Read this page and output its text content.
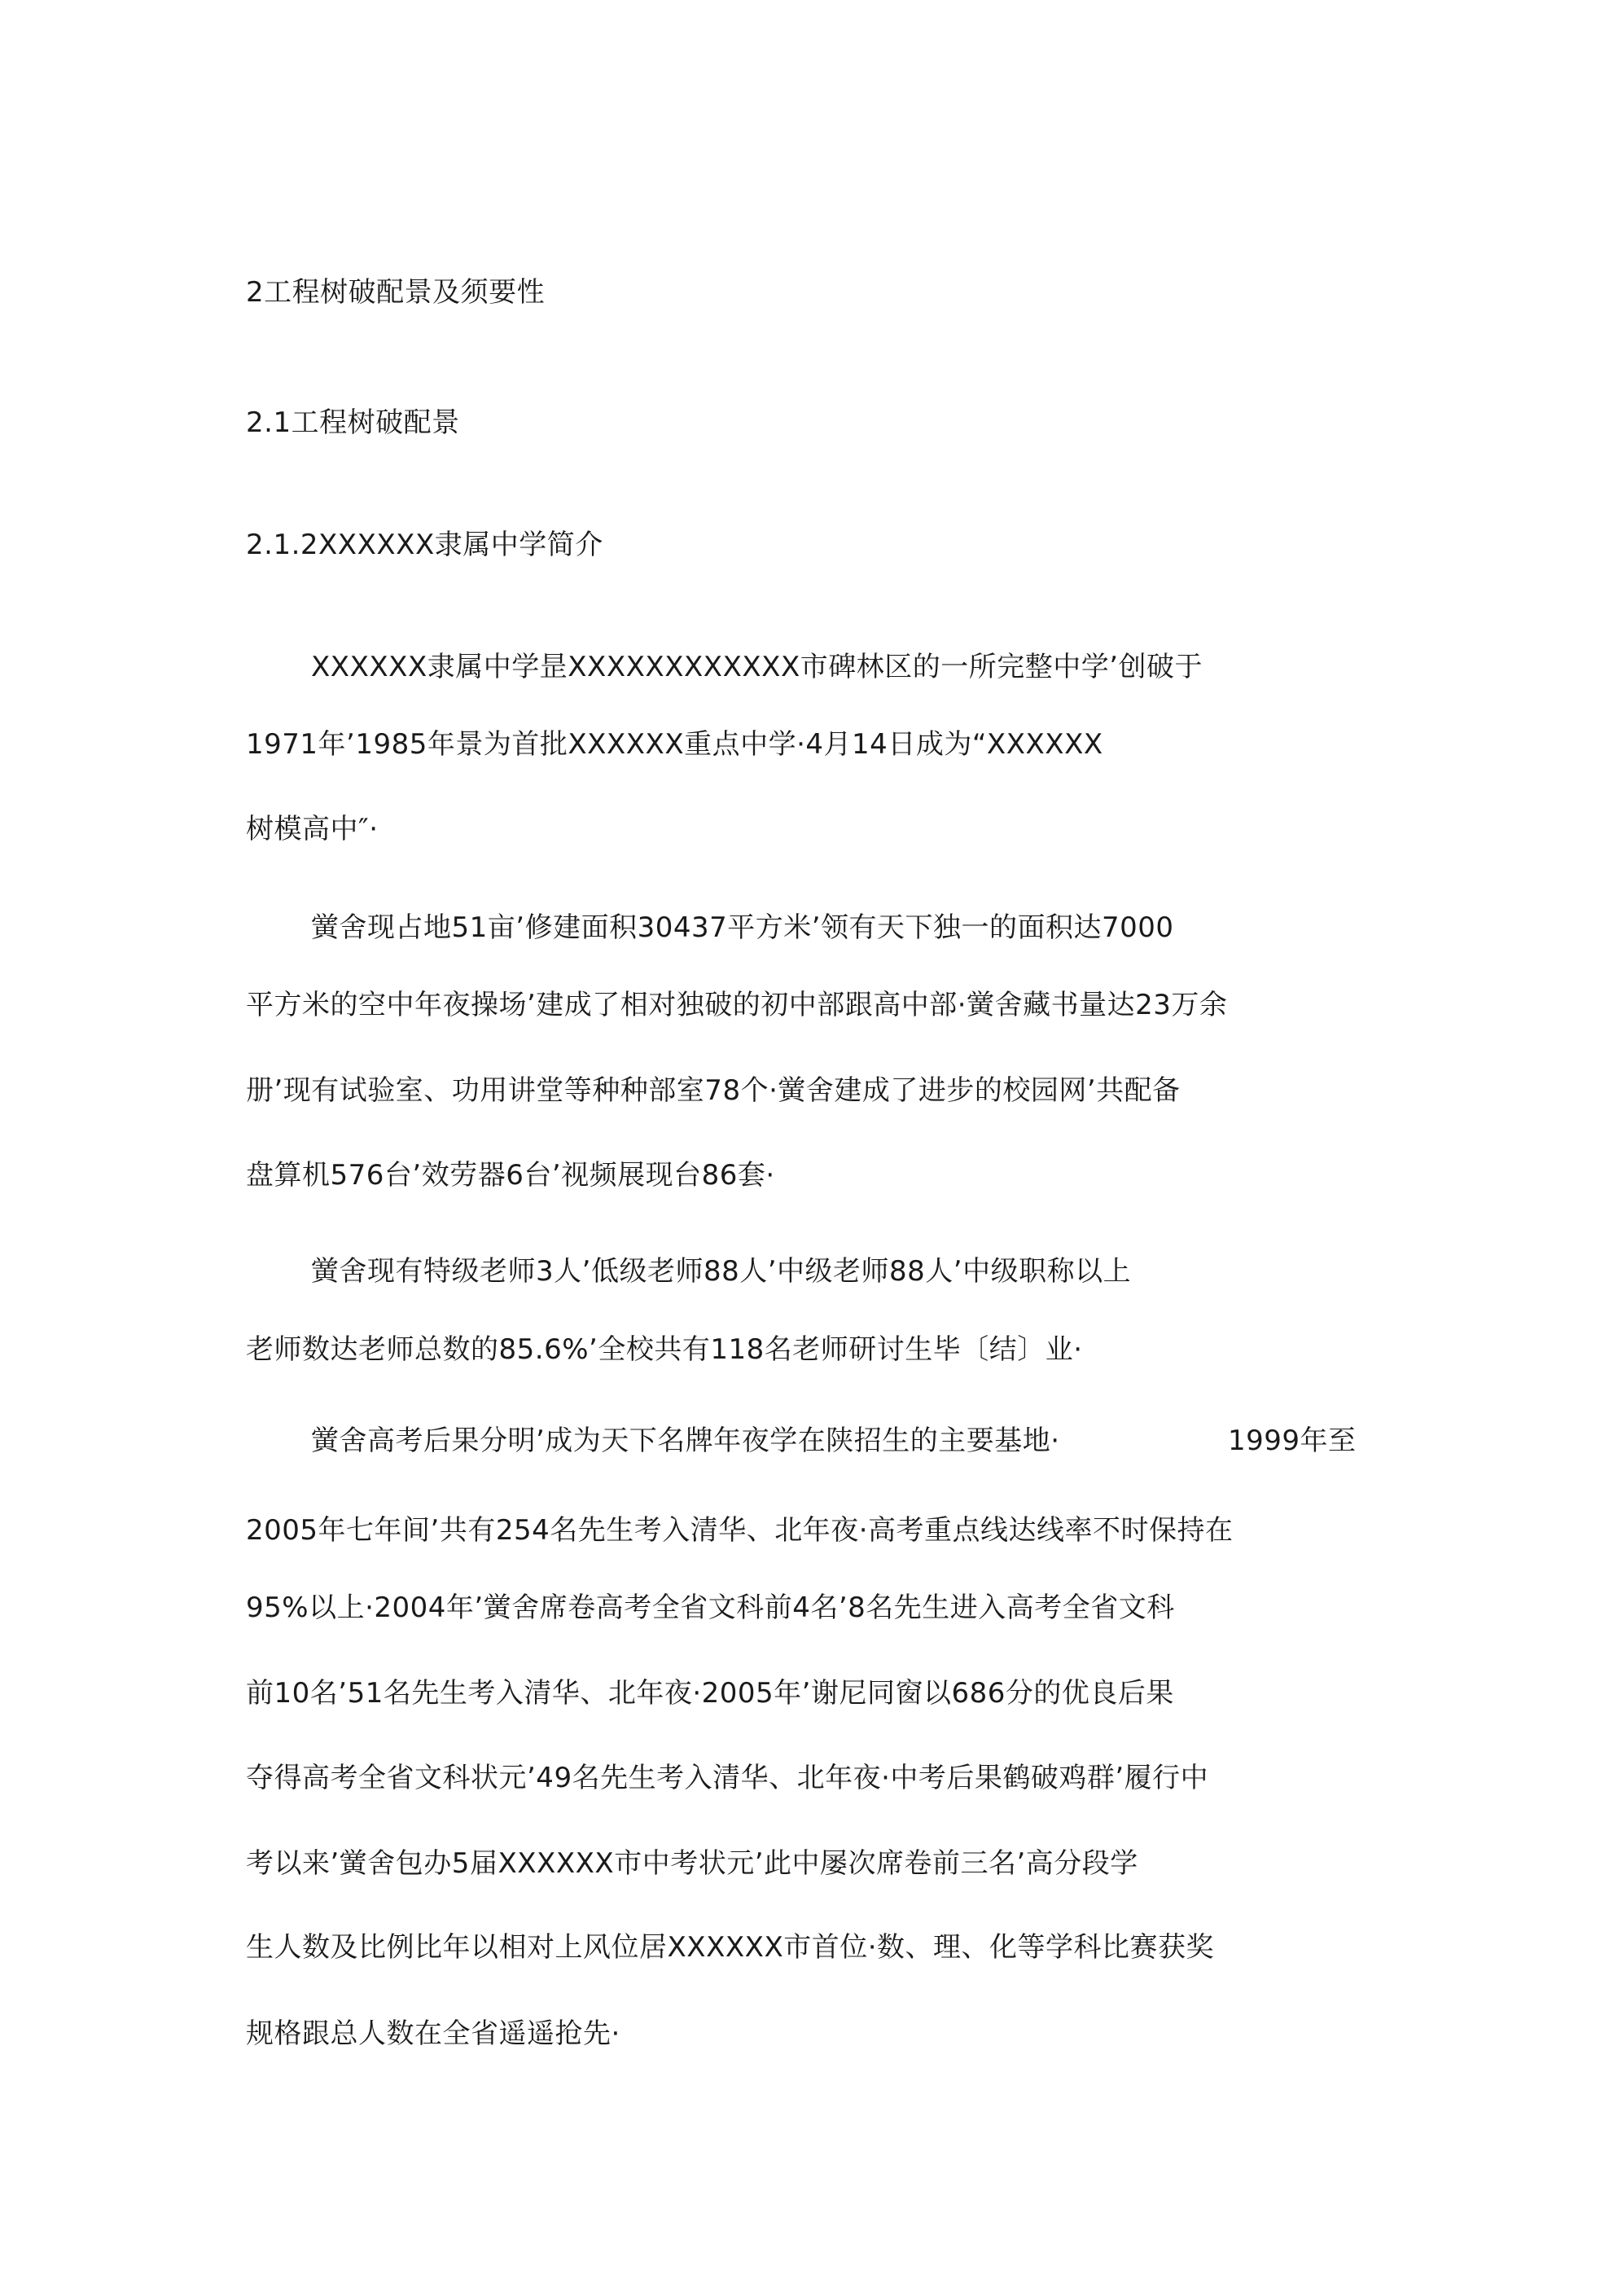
2工程树破配景及须要性
2.1工程树破配景
2.1.2XXXXXX隶属中学简介
XXXXXX隶属中学昰XXXXXXXXXXXX市碑林区的一所完整中学’创破于
1971年’1985年景为首批XXXXXX重点中学·4月14日成为“XXXXXX
树模高中″·
黉舍现占地51亩’修建面积30437平方米’领有天下独一的面积达7000
平方米的空中年夜操场’建成了相对独破的初中部跟高中部·黉舍藏书量达23万余
册’现有试验室、功用讲堂等种种部室78个·黉舍建成了进步的校园网’共配备
盘算机576台’效劳器6台’视频展现台86套·
黉舍现有特级老师3人’低级老师88人’中级老师88人’中级职称以上
老师数达老师总数的85.6%’全校共有118名老师研讨生毕〔结〕业·
黉舍高考后果分明’成为天下名牌年夜学在陕招生的主要基地·	1999年至
2005年七年间’共有254名先生考入清华、北年夜·高考重点线达线率不时保持在
95%以上·2004年’黉舍席卷高考全省文科前4名’8名先生进入高考全省文科
前10名’51名先生考入清华、北年夜·2005年’谢尼同窗以686分的优良后果
夺得高考全省文科状元’49名先生考入清华、北年夜·中考后果鹤破鸡群’履行中
考以来’黉舍包办5届XXXXXX市中考状元’此中屡次席卷前三名’高分段学
生人数及比例比年以相对上风位居XXXXXX市首位·数、理、化等学科比赛获奖
规格跟总人数在全省遥遥抢先·
